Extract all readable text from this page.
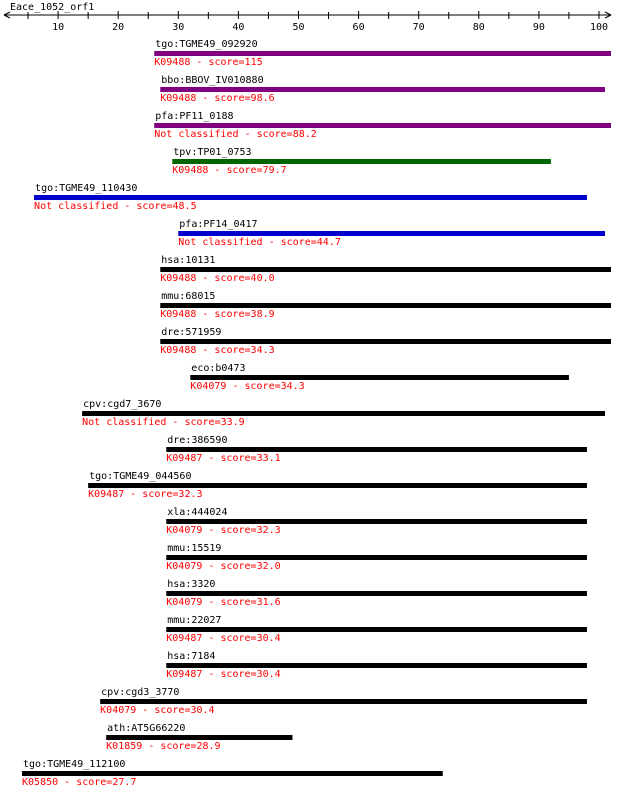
Eace_1052_orf1
10	20	30	40	50	60	70	80	90	100
tgo:TGME49_092920
K09488 - score=115
bbo:BBOV_IV010880
K09488 - score=98.6
pfa:PF11_0188
Not classified - score=88.2
tpv:TP01_0753
K09488 - score=79.7
tgo:TGME49_110430
Not classified - score=48.5
pfa:PF14_0417
Not classified - score=44.7
hsa:10131
K09488 - score=40.0
mmu:68015
K09488 - score=38.9
dre:571959
K09488 - score=34.3
eco:b0473
K04079 - score=34.3
cpv:cgd7_3670
Not classified - score=33.9
dre:386590
K09487 - score=33.1
tgo:TGME49_044560
K09487 - score=32.3
xla:444024
K04079 - score=32.3
mmu:15519
K04079 - score=32.0
hsa:3320
K04079 - score=31.6
mmu:22027
K09487 - score=30.4
hsa:7184
K09487 - score=30.4
cpv:cgd3_3770
K04079 - score=30.4
ath:AT5G66220
K01859 - score=28.9
tgo:TGME49_112100
K05850 - score=27.7
